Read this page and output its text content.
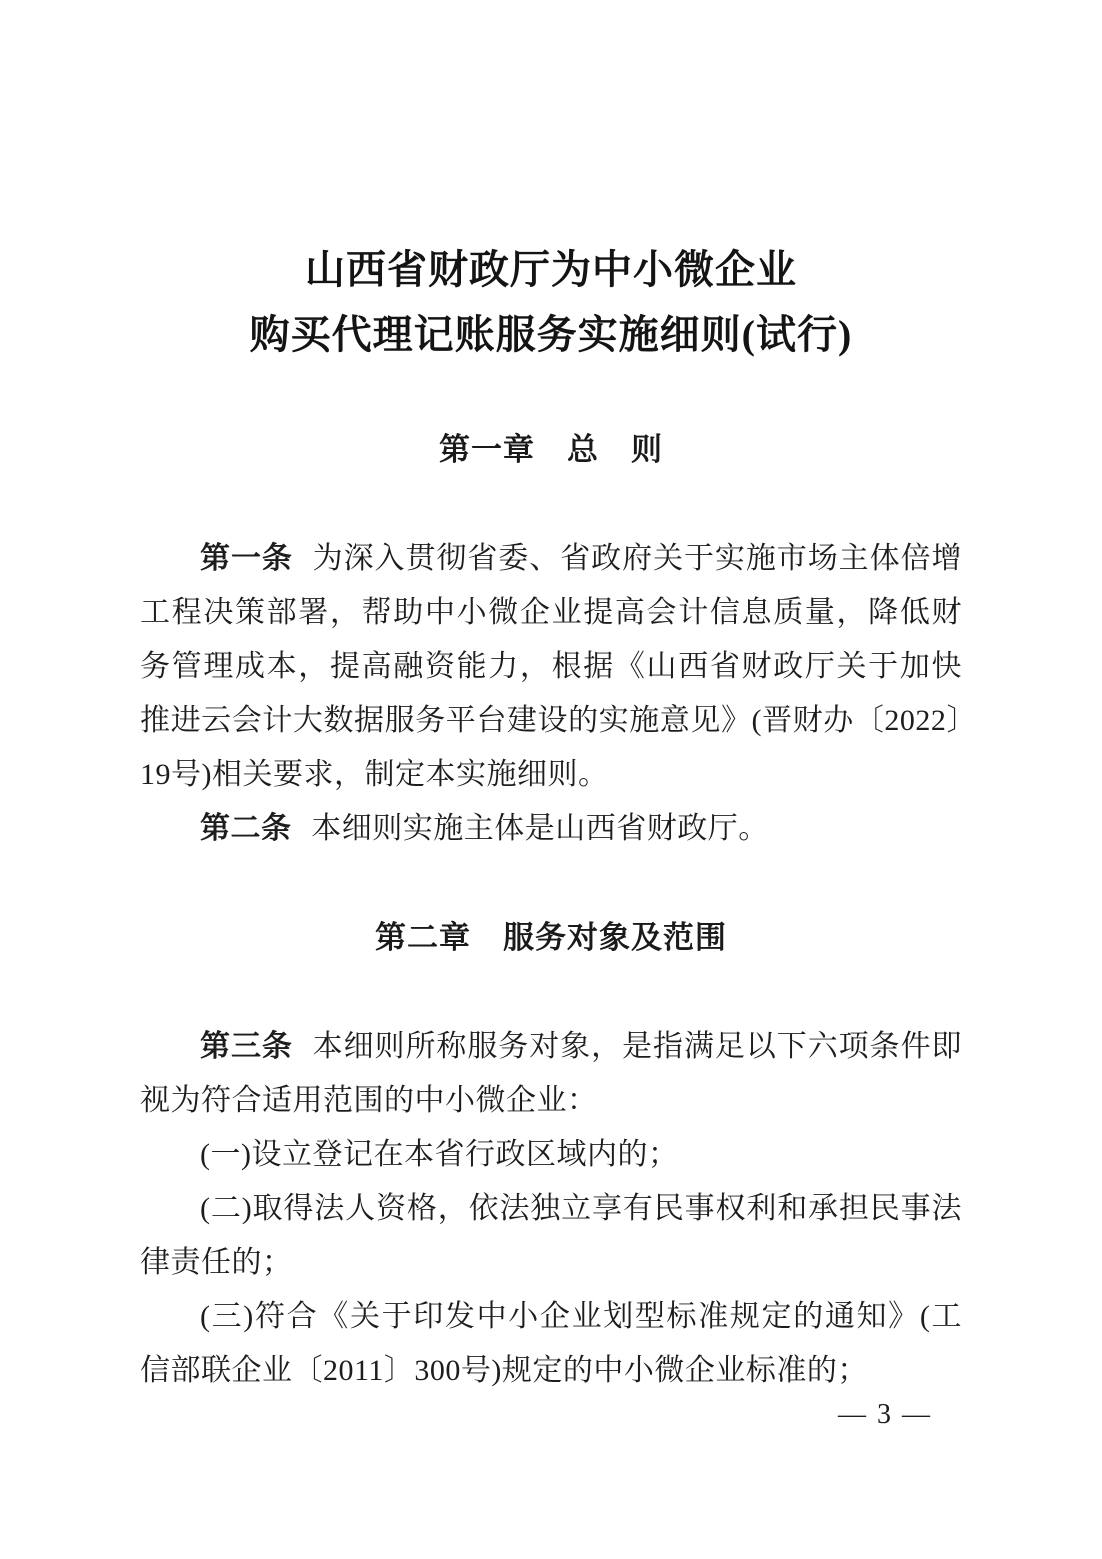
山西省财政厅为中小微企业
购买代理记账服务实施细则(试行)
第一章　总　则

第一条 为深入贯彻省委、省政府关于实施市场主体倍增工程决策部署，帮助中小微企业提高会计信息质量，降低财务管理成本，提高融资能力，根据《山西省财政厅关于加快推进云会计大数据服务平台建设的实施意见》(晋财办〔2022〕19号)相关要求，制定本实施细则。

第二条 本细则实施主体是山西省财政厅。

第二章　服务对象及范围

第三条 本细则所称服务对象，是指满足以下六项条件即视为符合适用范围的中小微企业：

(一)设立登记在本省行政区域内的；

(二)取得法人资格，依法独立享有民事权利和承担民事法律责任的；

(三)符合《关于印发中小企业划型标准规定的通知》(工信部联企业〔2011〕300号)规定的中小微企业标准的；

— 3 —
